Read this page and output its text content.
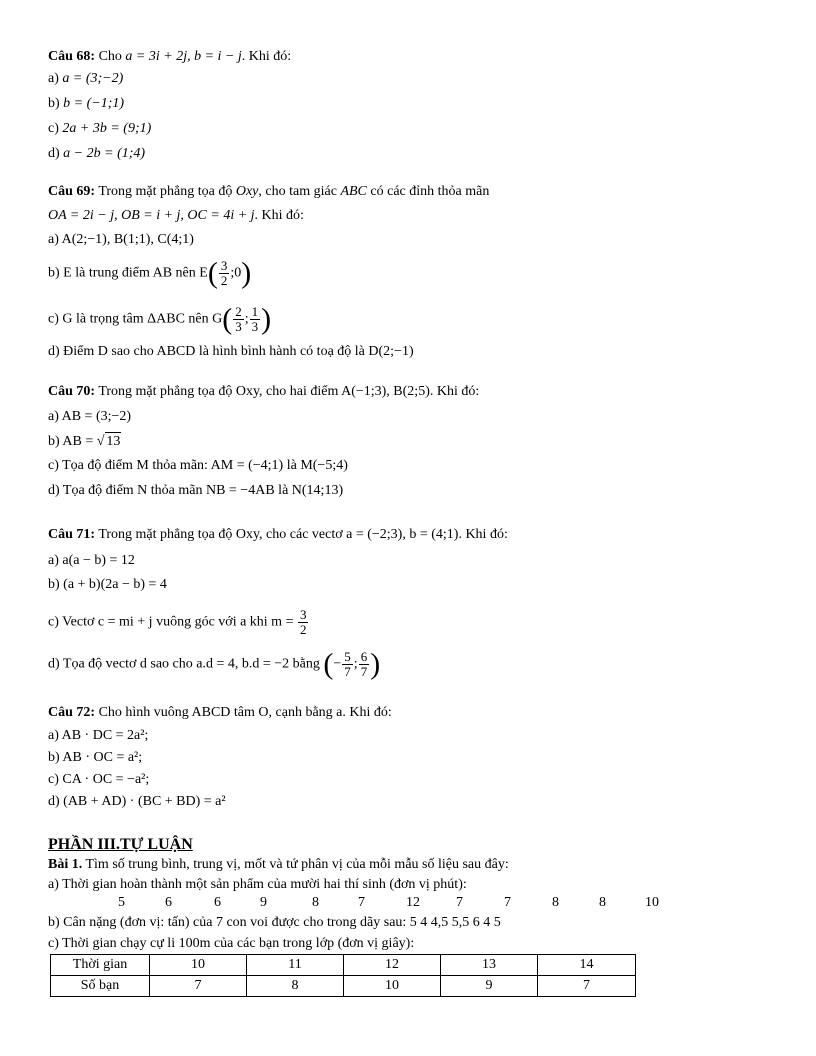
Câu 68: Cho a = 3i + 2j, b = i − j. Khi đó:
a) a = (3;−2)
b) b = (−1;1)
c) 2a + 3b = (9;1)
d) a − 2b = (1;4)
Câu 69: Trong mặt phẳng tọa độ Oxy, cho tam giác ABC có các đỉnh thỏa mãn
OA = 2i − j, OB = i + j, OC = 4i + j. Khi đó:
a) A(2;−1), B(1;1), C(4;1)
b) E là trung điểm AB nên $E( \frac{3}{2}$ ;0)
c) G là trọng tâm ΔABC nên $G( \frac{2}{3}$ ; $\frac{1}{3}$ )
d) Điểm D sao cho ABCD là hình bình hành có toạ độ là D(2;−1)
Câu 70: Trong mặt phẳng tọa độ Oxy, cho hai điểm A(−1;3), B(2;5). Khi đó:
a) AB = (3;−2)
b) AB = √ 13
c) Tọa độ điểm M thỏa mãn: AM = (−4;1) là M(−5;4)
d) Tọa độ điểm N thỏa mãn NB = −4AB là N(14;13)
Câu 71: Trong mặt phẳng tọa độ Oxy, cho các vectơ a = (−2;3), b = (4;1). Khi đó:
a) a(a − b) = 12
b) (a + b)(2a − b) = 4
c) Vectơ c = mi + j vuông góc với a khi $m = \frac{3}{2}$
d) Tọa độ vectơ d sao cho a.d = 4, b.d = −2 bằng (− $\frac{5}{7}$ ; $\frac{6}{7}$ )
Câu 72: Cho hình vuông ABCD tâm O, cạnh bằng a. Khi đó:
a) AB · DC = 2a²;
b) AB · OC = a²;
c) CA · OC = −a²;
d) (AB + AD) · (BC + BD) = a²
PHẦN III.TỰ LUẬN
Bài 1. Tìm số trung bình, trung vị, mốt và tứ phân vị của mỗi mẫu số liệu sau đây:
a) Thời gian hoàn thành một sản phẩm của mười hai thí sinh (đơn vị phút):
5	6	6	9	8	7	12	7	7	8	8	10
b) Cân nặng (đơn vị: tấn) của 7 con voi được cho trong dãy sau: 5 4 4,5 5,5 6 4 5
c) Thời gian chạy cự li 100m của các bạn trong lớp (đơn vị giây):
Thời gian	10	11	12	13	14
Số bạn	7	8	10	9	7
